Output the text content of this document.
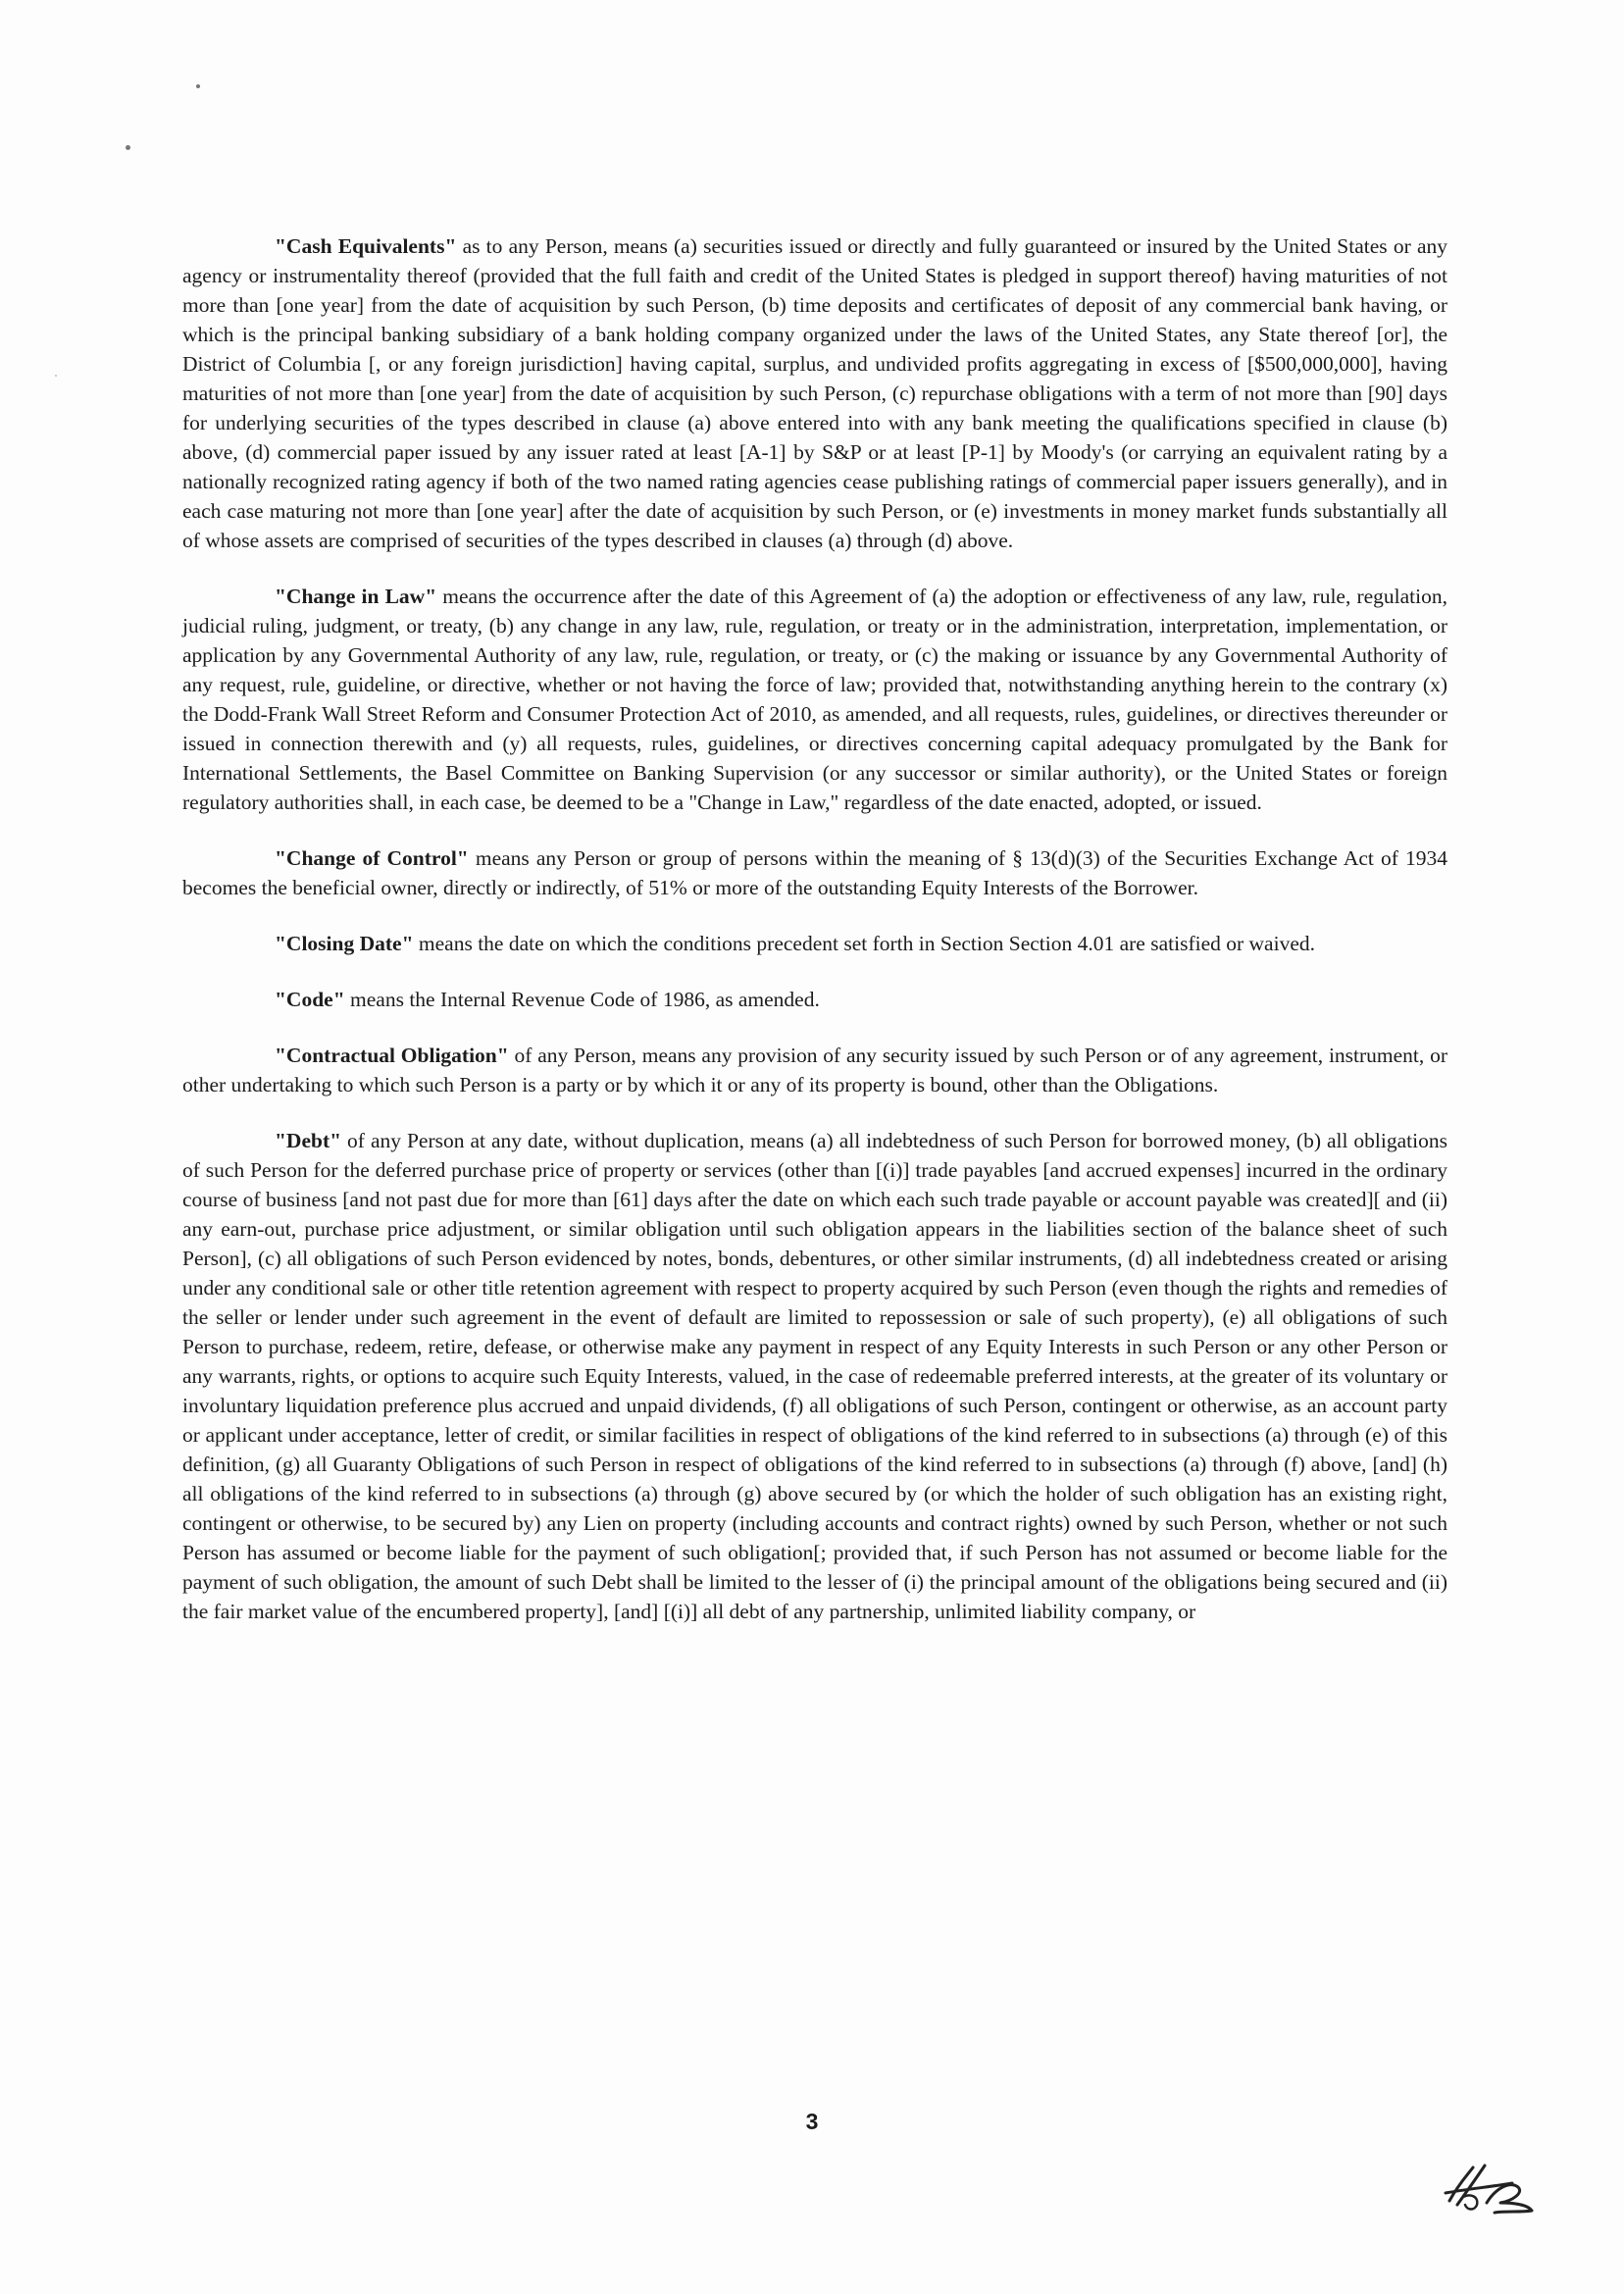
"Cash Equivalents" as to any Person, means (a) securities issued or directly and fully guaranteed or insured by the United States or any agency or instrumentality thereof (provided that the full faith and credit of the United States is pledged in support thereof) having maturities of not more than [one year] from the date of acquisition by such Person, (b) time deposits and certificates of deposit of any commercial bank having, or which is the principal banking subsidiary of a bank holding company organized under the laws of the United States, any State thereof [or], the District of Columbia [, or any foreign jurisdiction] having capital, surplus, and undivided profits aggregating in excess of [$500,000,000], having maturities of not more than [one year] from the date of acquisition by such Person, (c) repurchase obligations with a term of not more than [90] days for underlying securities of the types described in clause (a) above entered into with any bank meeting the qualifications specified in clause (b) above, (d) commercial paper issued by any issuer rated at least [A-1] by S&P or at least [P-1] by Moody's (or carrying an equivalent rating by a nationally recognized rating agency if both of the two named rating agencies cease publishing ratings of commercial paper issuers generally), and in each case maturing not more than [one year] after the date of acquisition by such Person, or (e) investments in money market funds substantially all of whose assets are comprised of securities of the types described in clauses (a) through (d) above.

"Change in Law" means the occurrence after the date of this Agreement of (a) the adoption or effectiveness of any law, rule, regulation, judicial ruling, judgment, or treaty, (b) any change in any law, rule, regulation, or treaty or in the administration, interpretation, implementation, or application by any Governmental Authority of any law, rule, regulation, or treaty, or (c) the making or issuance by any Governmental Authority of any request, rule, guideline, or directive, whether or not having the force of law; provided that, notwithstanding anything herein to the contrary (x) the Dodd-Frank Wall Street Reform and Consumer Protection Act of 2010, as amended, and all requests, rules, guidelines, or directives thereunder or issued in connection therewith and (y) all requests, rules, guidelines, or directives concerning capital adequacy promulgated by the Bank for International Settlements, the Basel Committee on Banking Supervision (or any successor or similar authority), or the United States or foreign regulatory authorities shall, in each case, be deemed to be a "Change in Law," regardless of the date enacted, adopted, or issued.

"Change of Control" means any Person or group of persons within the meaning of § 13(d)(3) of the Securities Exchange Act of 1934 becomes the beneficial owner, directly or indirectly, of 51% or more of the outstanding Equity Interests of the Borrower.

"Closing Date" means the date on which the conditions precedent set forth in Section Section 4.01 are satisfied or waived.

"Code" means the Internal Revenue Code of 1986, as amended.

"Contractual Obligation" of any Person, means any provision of any security issued by such Person or of any agreement, instrument, or other undertaking to which such Person is a party or by which it or any of its property is bound, other than the Obligations.

"Debt" of any Person at any date, without duplication, means (a) all indebtedness of such Person for borrowed money, (b) all obligations of such Person for the deferred purchase price of property or services (other than [(i)] trade payables [and accrued expenses] incurred in the ordinary course of business [and not past due for more than [61] days after the date on which each such trade payable or account payable was created][ and (ii) any earn-out, purchase price adjustment, or similar obligation until such obligation appears in the liabilities section of the balance sheet of such Person], (c) all obligations of such Person evidenced by notes, bonds, debentures, or other similar instruments, (d) all indebtedness created or arising under any conditional sale or other title retention agreement with respect to property acquired by such Person (even though the rights and remedies of the seller or lender under such agreement in the event of default are limited to repossession or sale of such property), (e) all obligations of such Person to purchase, redeem, retire, defease, or otherwise make any payment in respect of any Equity Interests in such Person or any other Person or any warrants, rights, or options to acquire such Equity Interests, valued, in the case of redeemable preferred interests, at the greater of its voluntary or involuntary liquidation preference plus accrued and unpaid dividends, (f) all obligations of such Person, contingent or otherwise, as an account party or applicant under acceptance, letter of credit, or similar facilities in respect of obligations of the kind referred to in subsections (a) through (e) of this definition, (g) all Guaranty Obligations of such Person in respect of obligations of the kind referred to in subsections (a) through (f) above, [and] (h) all obligations of the kind referred to in subsections (a) through (g) above secured by (or which the holder of such obligation has an existing right, contingent or otherwise, to be secured by) any Lien on property (including accounts and contract rights) owned by such Person, whether or not such Person has assumed or become liable for the payment of such obligation[; provided that, if such Person has not assumed or become liable for the payment of such obligation, the amount of such Debt shall be limited to the lesser of (i) the principal amount of the obligations being secured and (ii) the fair market value of the encumbered property], [and] [(i)] all debt of any partnership, unlimited liability company, or

3
